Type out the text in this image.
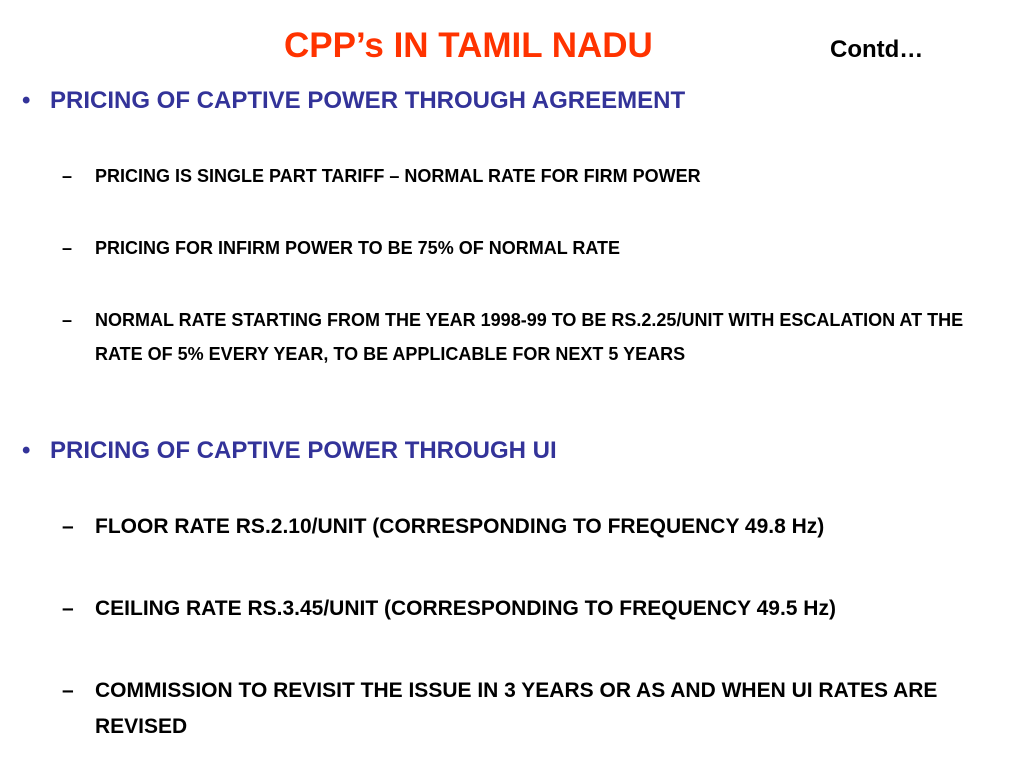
CPP’s IN TAMIL NADU	Contd…
• PRICING OF CAPTIVE POWER THROUGH AGREEMENT
– PRICING IS SINGLE PART TARIFF – NORMAL RATE FOR FIRM POWER
– PRICING FOR INFIRM POWER TO BE 75% OF NORMAL RATE
– NORMAL RATE STARTING FROM THE YEAR 1998-99 TO BE RS.2.25/UNIT WITH ESCALATION AT THE RATE OF 5% EVERY YEAR, TO BE APPLICABLE FOR NEXT 5 YEARS
• PRICING OF CAPTIVE POWER THROUGH UI
– FLOOR RATE RS.2.10/UNIT (CORRESPONDING TO FREQUENCY 49.8 Hz)
– CEILING RATE RS.3.45/UNIT (CORRESPONDING TO FREQUENCY 49.5 Hz)
– COMMISSION TO REVISIT THE ISSUE IN 3 YEARS OR AS AND WHEN UI RATES ARE REVISED
